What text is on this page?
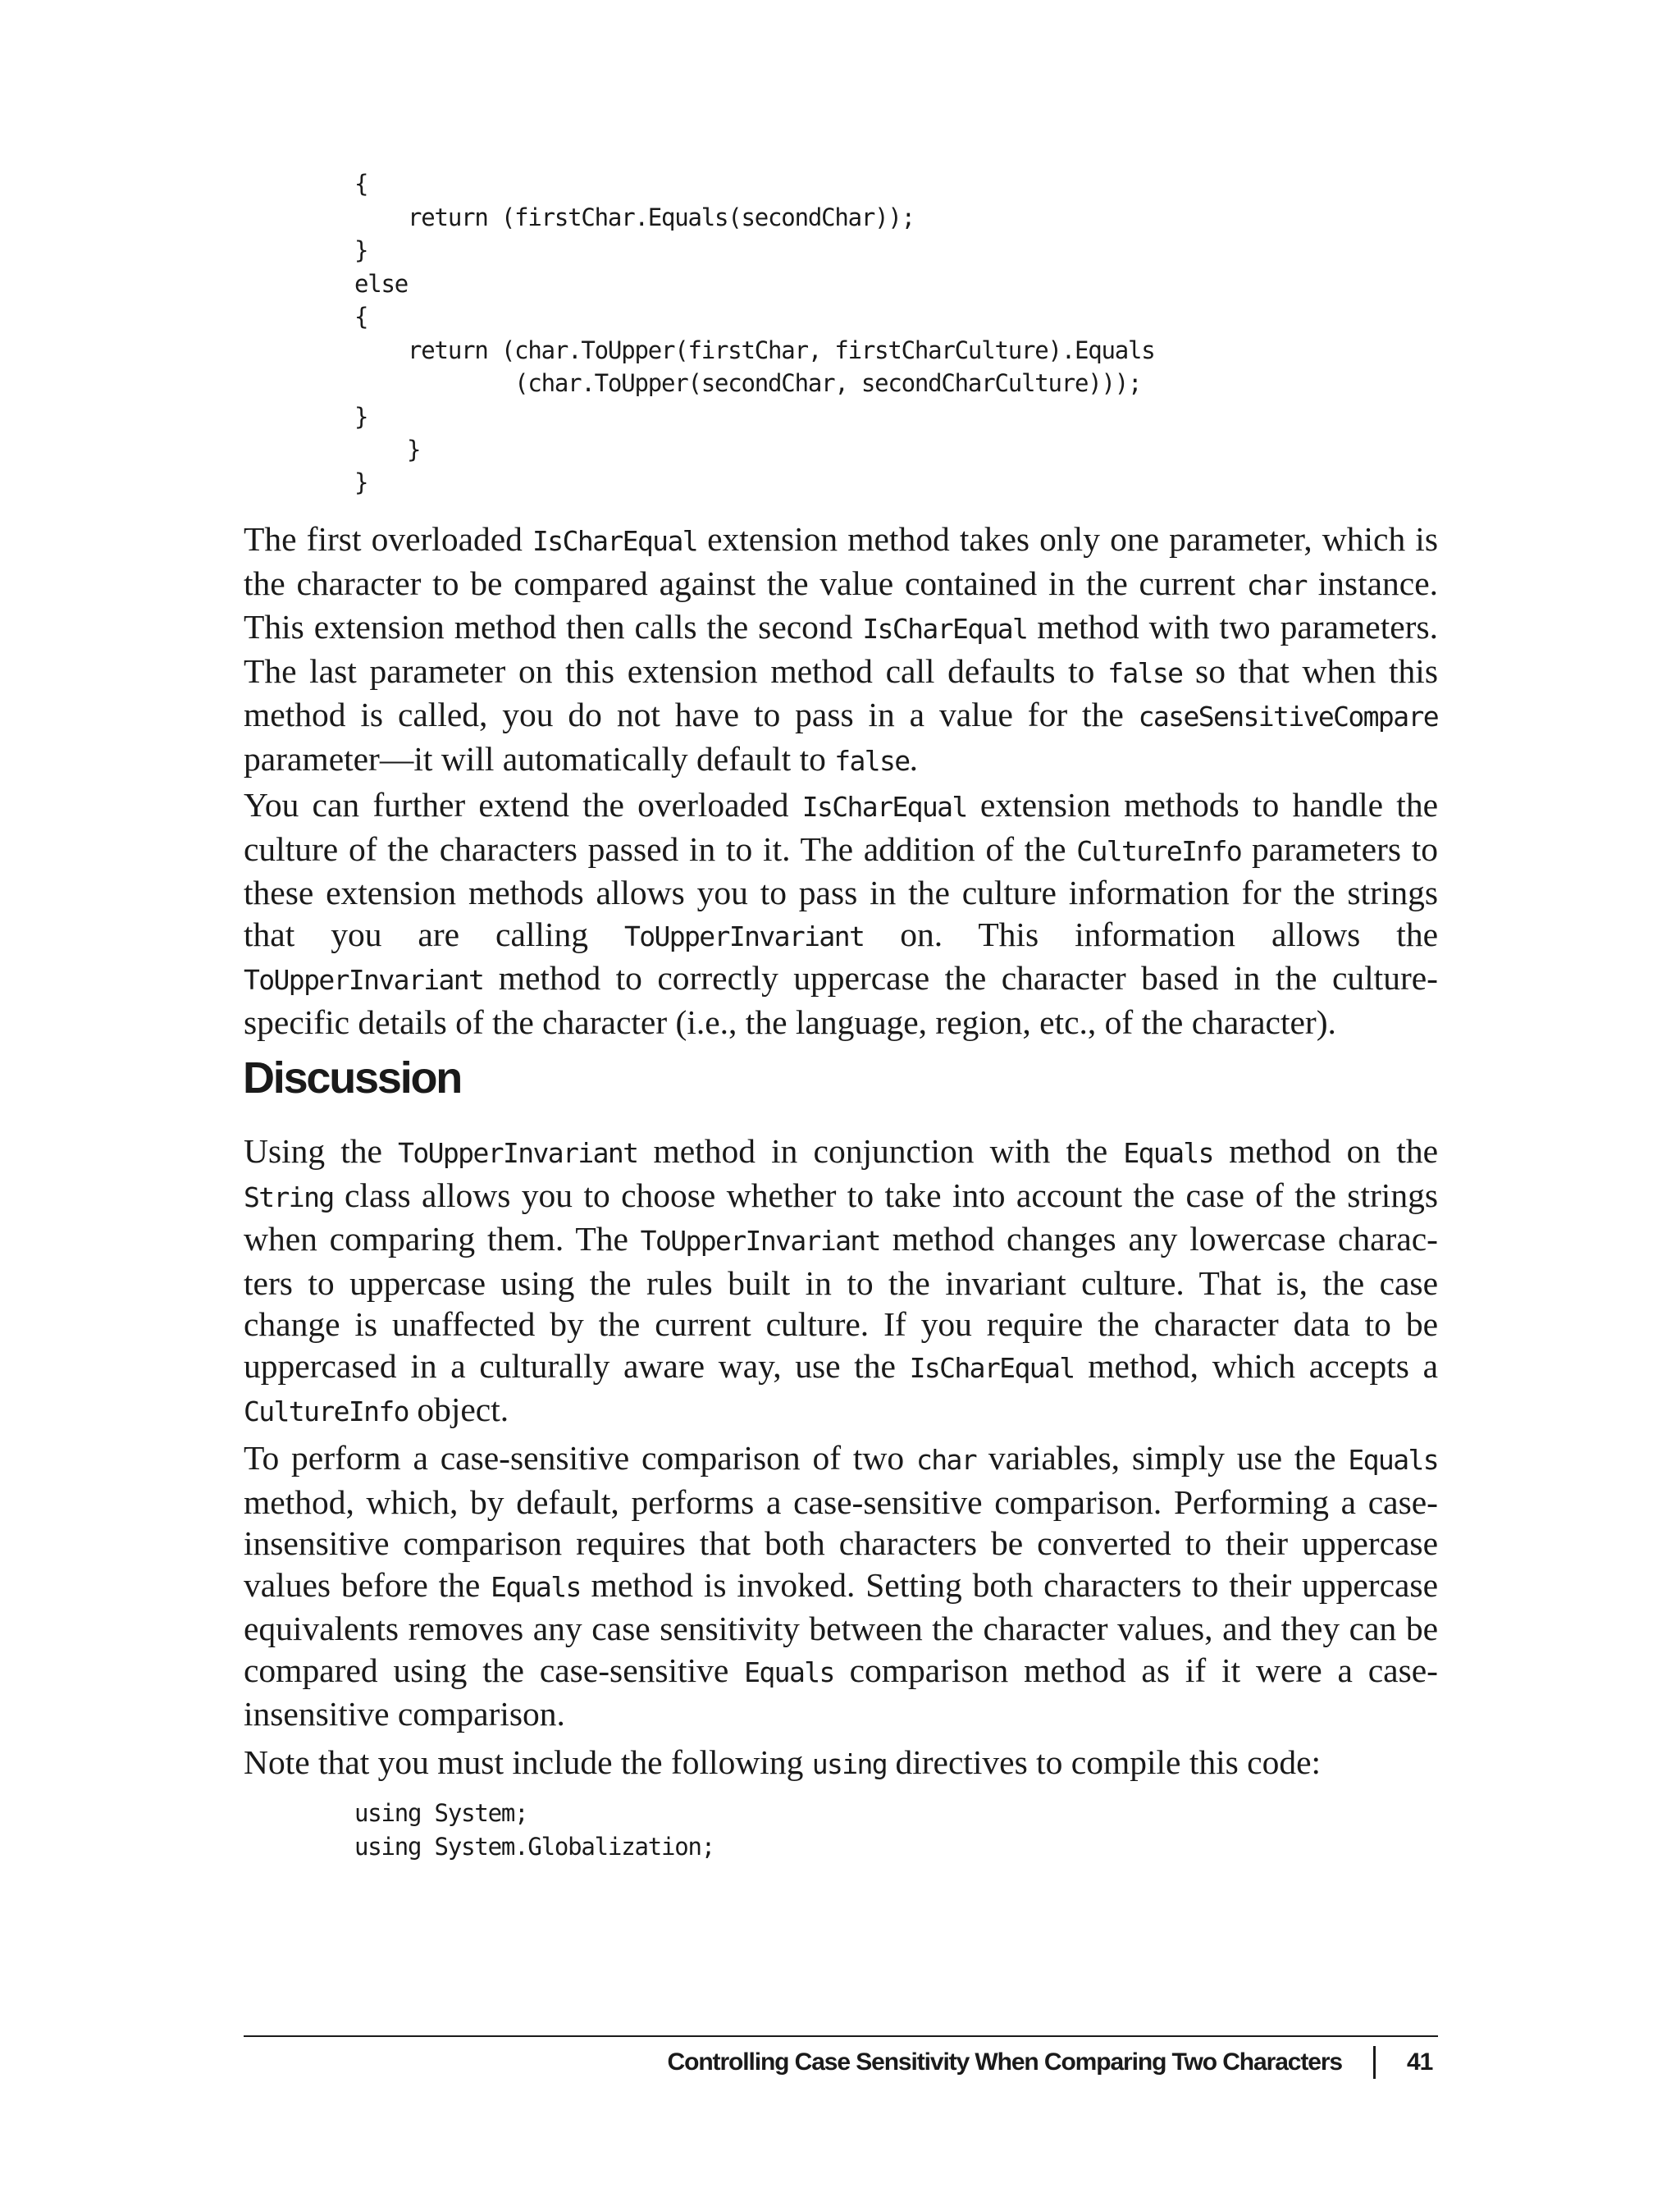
{
return (firstChar.Equals(secondChar));
}
else
{
return (char.ToUpper(firstChar, firstCharCulture).Equals
(char.ToUpper(secondChar, secondCharCulture)));
}
}
}

The first overloaded IsCharEqual extension method takes only one parameter, which is the character to be compared against the value contained in the current char instance. This extension method then calls the second IsCharEqual method with two parameters. The last parameter on this extension method call defaults to false so that when this method is called, you do not have to pass in a value for the caseSensitiveCompare parameter—it will automatically default to false.

You can further extend the overloaded IsCharEqual extension methods to handle the culture of the characters passed in to it. The addition of the CultureInfo parameters to these extension methods allows you to pass in the culture information for the strings that you are calling ToUpperInvariant on. This information allows the ToUpperInvariant method to correctly uppercase the character based in the culture-specific details of the character (i.e., the language, region, etc., of the character).

Discussion

Using the ToUpperInvariant method in conjunction with the Equals method on the String class allows you to choose whether to take into account the case of the strings when comparing them. The ToUpperInvariant method changes any lowercase characters to uppercase using the rules built in to the invariant culture. That is, the case change is unaffected by the current culture. If you require the character data to be uppercased in a culturally aware way, use the IsCharEqual method, which accepts a CultureInfo object.

To perform a case-sensitive comparison of two char variables, simply use the Equals method, which, by default, performs a case-sensitive comparison. Performing a case-insensitive comparison requires that both characters be converted to their uppercase values before the Equals method is invoked. Setting both characters to their uppercase equivalents removes any case sensitivity between the character values, and they can be compared using the case-sensitive Equals comparison method as if it were a case-insensitive comparison.

Note that you must include the following using directives to compile this code:

using System;
using System.Globalization;
Controlling Case Sensitivity When Comparing Two Characters	41
